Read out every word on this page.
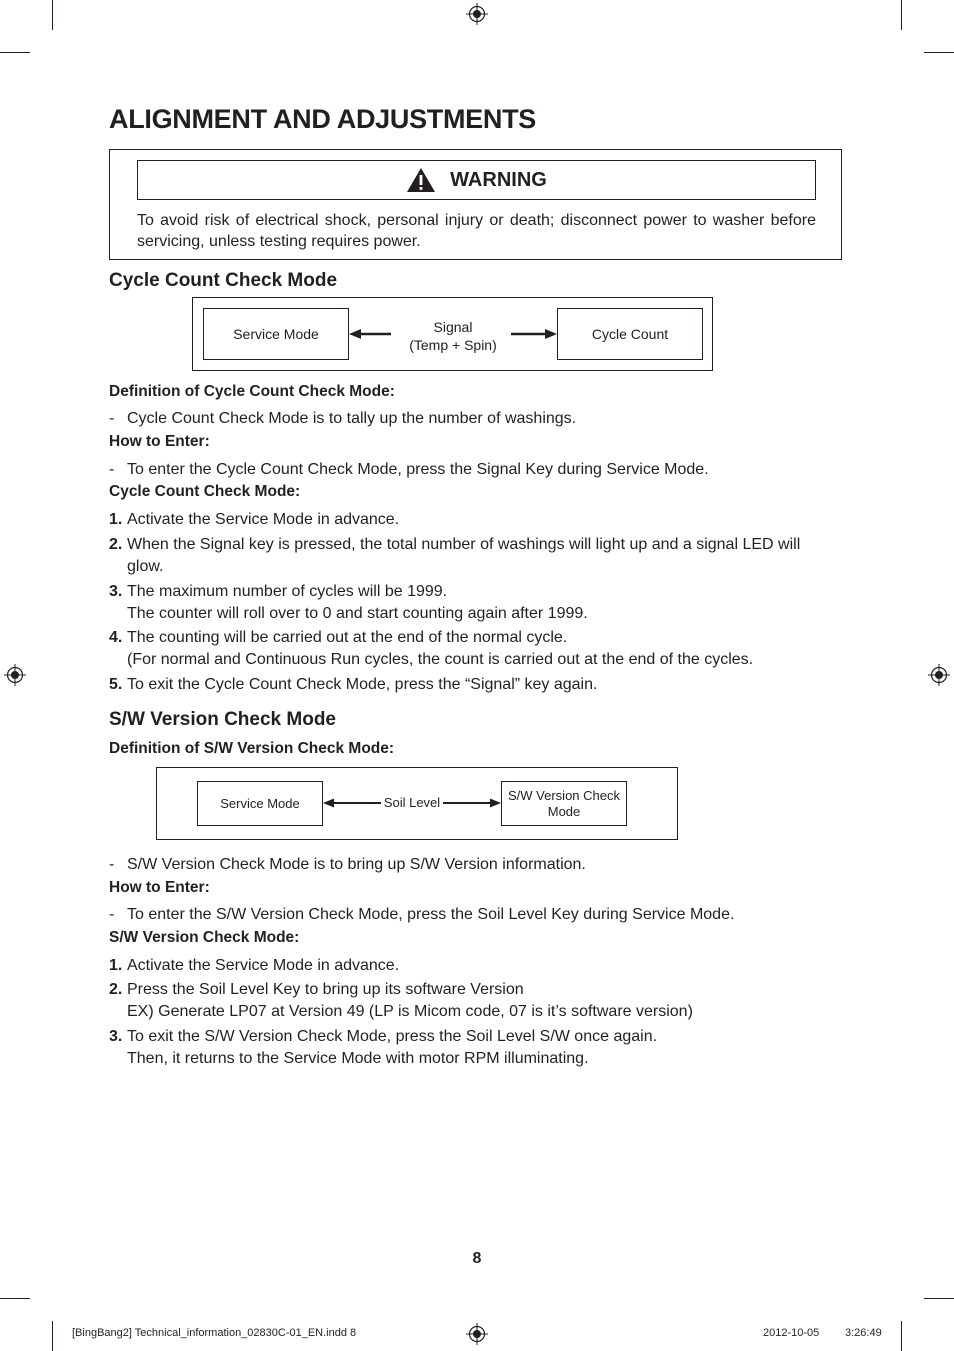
ALIGNMENT AND ADJUSTMENTS
WARNING
To avoid risk of electrical shock, personal injury or death; disconnect power to washer before servicing, unless testing requires power.
Cycle Count Check Mode
Service Mode	Signal
(Temp + Spin)
Cycle Count
Definition of Cycle Count Check Mode:
- Cycle Count Check Mode is to tally up the number of washings.
How to Enter:
- To enter the Cycle Count Check Mode, press the Signal Key during Service Mode.
Cycle Count Check Mode:
1. Activate the Service Mode in advance.
2. When the Signal key is pressed, the total number of washings will light up and a signal LED will
glow.
3. The maximum number of cycles will be 1999.
The counter will roll over to 0 and start counting again after 1999.
4. The counting will be carried out at the end of the normal cycle.
(For normal and Continuous Run cycles, the count is carried out at the end of the cycles.
5. To exit the Cycle Count Check Mode, press the “Signal” key again.
S/W Version Check Mode
Definition of S/W Version Check Mode:
Service Mode	Soil Level	S/W Version Check
Mode
- S/W Version Check Mode is to bring up S/W Version information.
How to Enter:
- To enter the S/W Version Check Mode, press the Soil Level Key during Service Mode.
S/W Version Check Mode:
1. Activate the Service Mode in advance.
2. Press the Soil Level Key to bring up its software Version
EX) Generate LP07 at Version 49 (LP is Micom code, 07 is it’s software version)
3. To exit the S/W Version Check Mode, press the Soil Level S/W once again.
Then, it returns to the Service Mode with motor RPM illuminating.
8
[BingBang2] Technical_information_02830C-01_EN.indd 8	2012-10-05 3:26:49
